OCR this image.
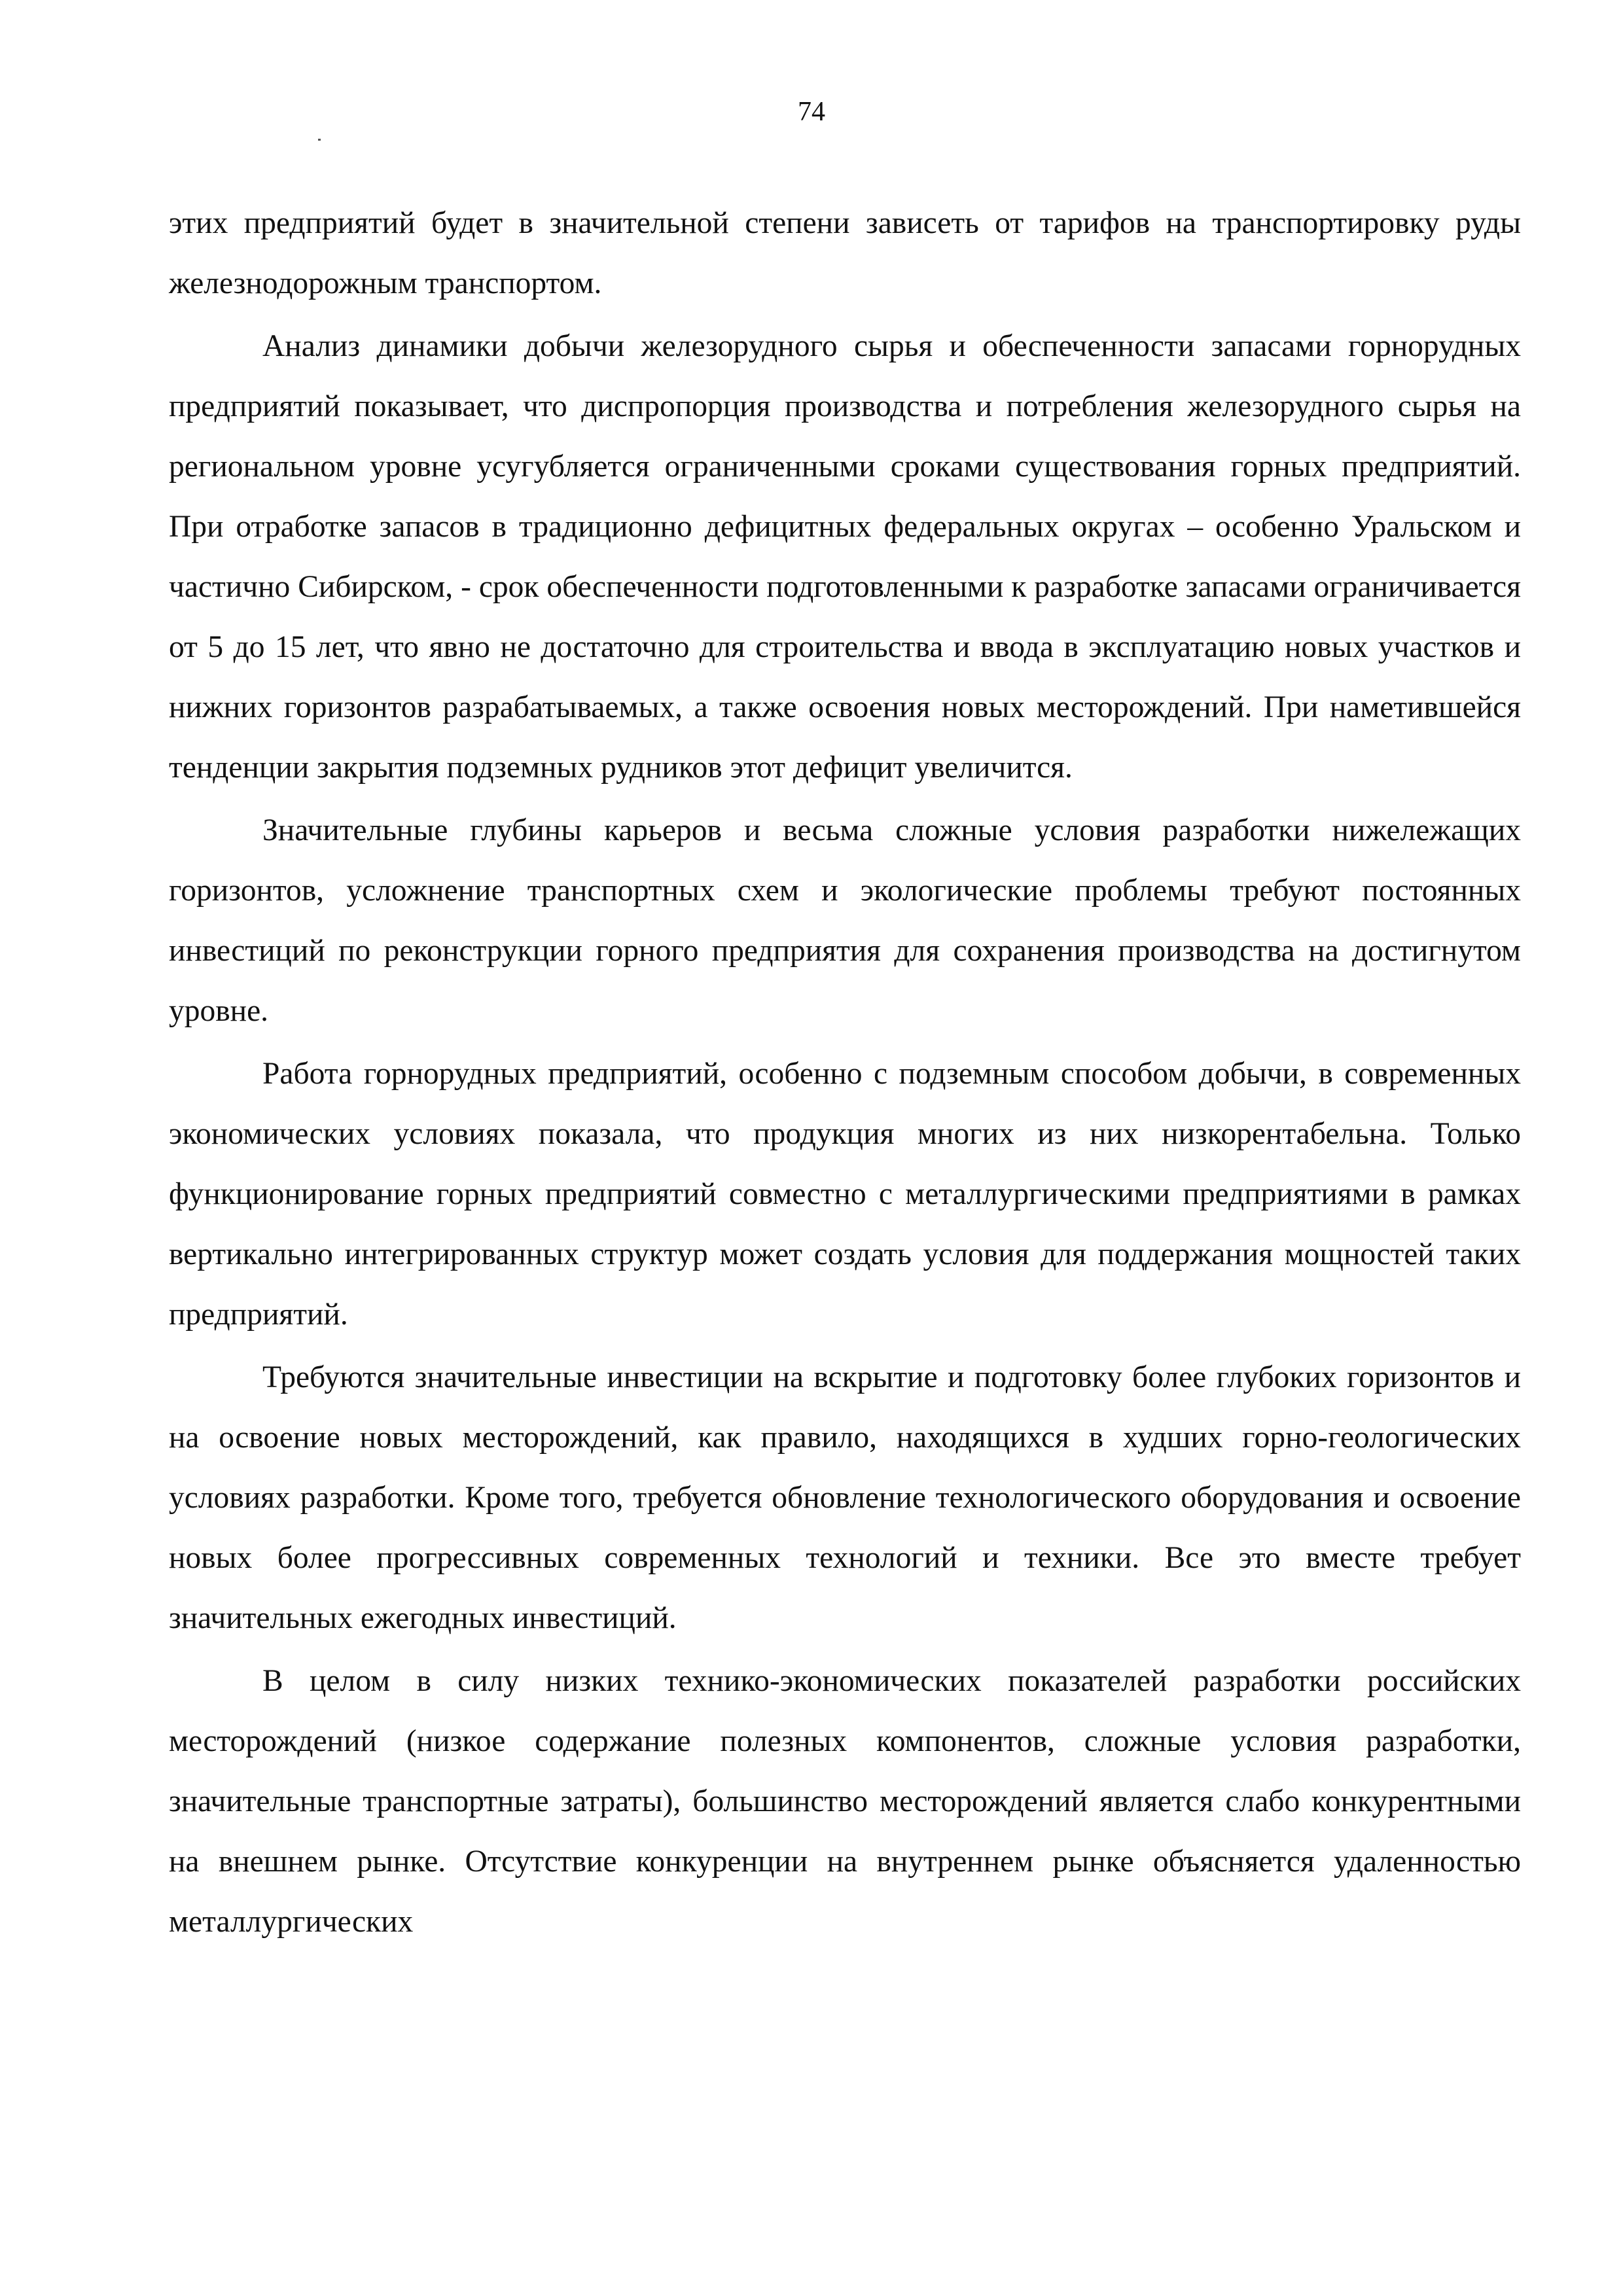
74

этих предприятий будет в значительной степени зависеть от тарифов на транспортировку руды железнодорожным транспортом.

Анализ динамики добычи железорудного сырья и обеспеченности запасами горнорудных предприятий показывает, что диспропорция производства и потребления железорудного сырья на региональном уровне усугубляется ограниченными сроками существования горных предприятий. При отработке запасов в традиционно дефицитных федеральных округах – особенно Уральском и частично Сибирском, - срок обеспеченности подготовленными к разработке запасами ограничивается от 5 до 15 лет, что явно не достаточно для строительства и ввода в эксплуатацию новых участков и нижних горизонтов разрабатываемых, а также освоения новых месторождений. При наметившейся тенденции закрытия подземных рудников этот дефицит увеличится.

Значительные глубины карьеров и весьма сложные условия разработки нижележащих горизонтов, усложнение транспортных схем и экологические проблемы требуют постоянных инвестиций по реконструкции горного предприятия для сохранения производства на достигнутом уровне.

Работа горнорудных предприятий, особенно с подземным способом добычи, в современных экономических условиях показала, что продукция многих из них низкорентабельна. Только функционирование горных предприятий совместно с металлургическими предприятиями в рамках вертикально интегрированных структур может создать условия для поддержания мощностей таких предприятий.

Требуются значительные инвестиции на вскрытие и подготовку более глубоких горизонтов и на освоение новых месторождений, как правило, находящихся в худших горно-геологических условиях разработки. Кроме того, требуется обновление технологического оборудования и освоение новых более прогрессивных современных технологий и техники. Все это вместе требует значительных ежегодных инвестиций.

В целом в силу низких технико-экономических показателей разработки российских месторождений (низкое содержание полезных компонентов, сложные условия разработки, значительные транспортные затраты), большинство месторождений является слабо конкурентными на внешнем рынке. Отсутствие конкуренции на внутреннем рынке объясняется удаленностью металлургических
